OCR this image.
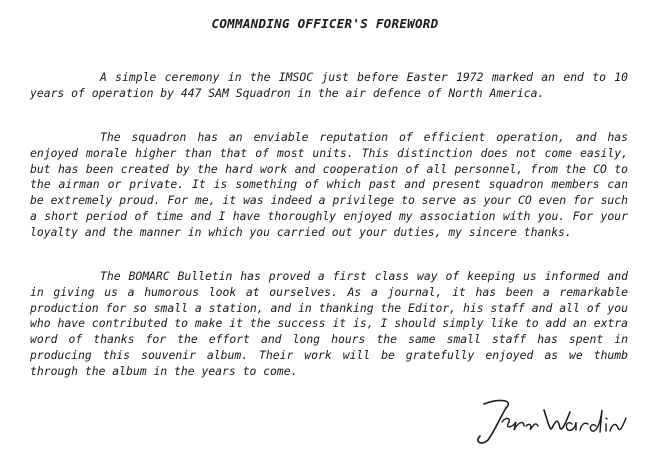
COMMANDING OFFICER'S FOREWORD

A simple ceremony in the IMSOC just before Easter 1972 marked an end to 10 years of operation by 447 SAM Squadron in the air defence of North America.

The squadron has an enviable reputation of efficient operation, and has enjoyed morale higher than that of most units. This distinction does not come easily, but has been created by the hard work and cooperation of all personnel, from the CO to the airman or private. It is something of which past and present squadron members can be extremely proud. For me, it was indeed a privilege to serve as your CO even for such a short period of time and I have thoroughly enjoyed my association with you. For your loyalty and the manner in which you carried out your duties, my sincere thanks.

The BOMARC Bulletin has proved a first class way of keeping us informed and in giving us a humorous look at ourselves. As a journal, it has been a remarkable production for so small a station, and in thanking the Editor, his staff and all of you who have contributed to make it the success it is, I should simply like to add an extra word of thanks for the effort and long hours the same small staff has spent in producing this souvenir album. Their work will be gratefully enjoyed as we thumb through the album in the years to come.
